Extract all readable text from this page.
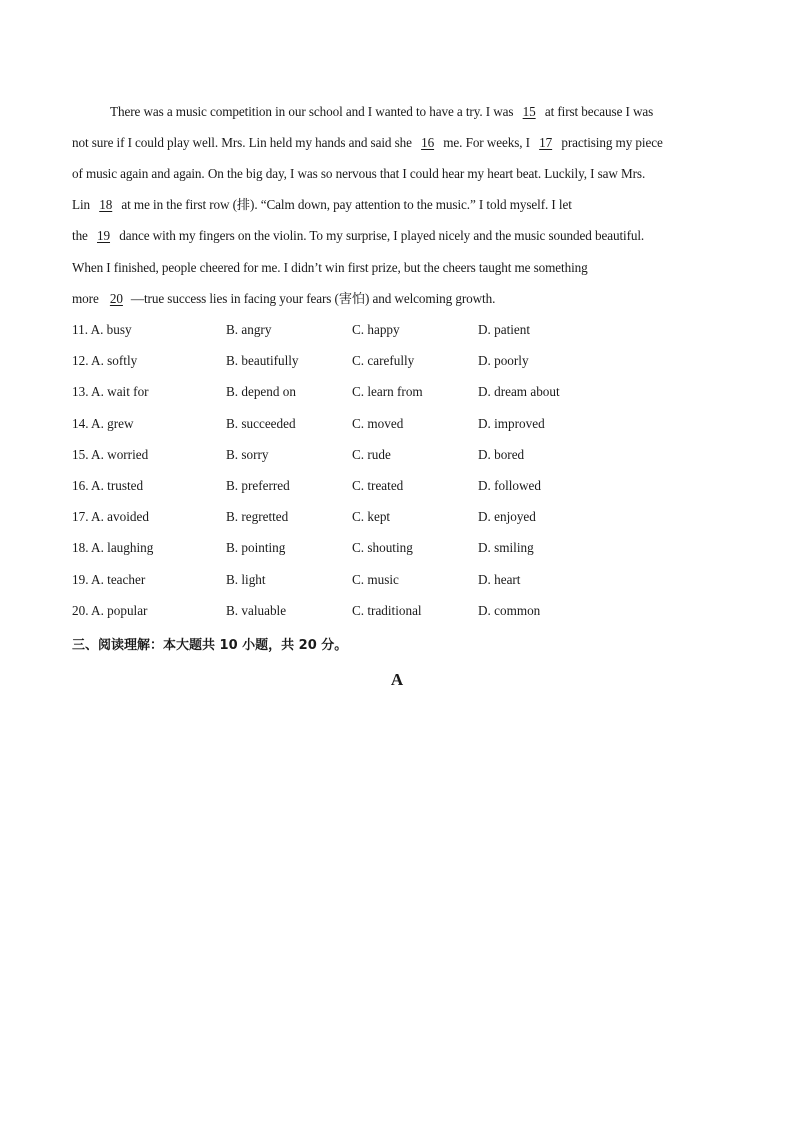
There was a music competition in our school and I wanted to have a try. I was 15 at first because I was
not sure if I could play well. Mrs. Lin held my hands and said she 16 me. For weeks, I 17 practising my piece
of music again and again. On the big day, I was so nervous that I could hear my heart beat. Luckily, I saw Mrs.
Lin 18 at me in the first row (排). “Calm down, pay attention to the music.” I told myself. I let
the 19 dance with my fingers on the violin. To my surprise, I played nicely and the music sounded beautiful.
When I finished, people cheered for me. I didn’t win first prize, but the cheers taught me something
more 20 —true success lies in facing your fears (害怕) and welcoming growth.
11. A. busy	B. angry	C. happy	D. patient
12. A. softly	B. beautifully	C. carefully	D. poorly
13. A. wait for	B. depend on	C. learn from	D. dream about
14. A. grew	B. succeeded	C. moved	D. improved
15. A. worried	B. sorry	C. rude	D. bored
16. A. trusted	B. preferred	C. treated	D. followed
17. A. avoided	B. regretted	C. kept	D. enjoyed
18. A. laughing	B. pointing	C. shouting	D. smiling
19. A. teacher	B. light	C. music	D. heart
20. A. popular	B. valuable	C. traditional	D. common
三、阅读理解：本大题共 10 小题，共 20 分。
A
